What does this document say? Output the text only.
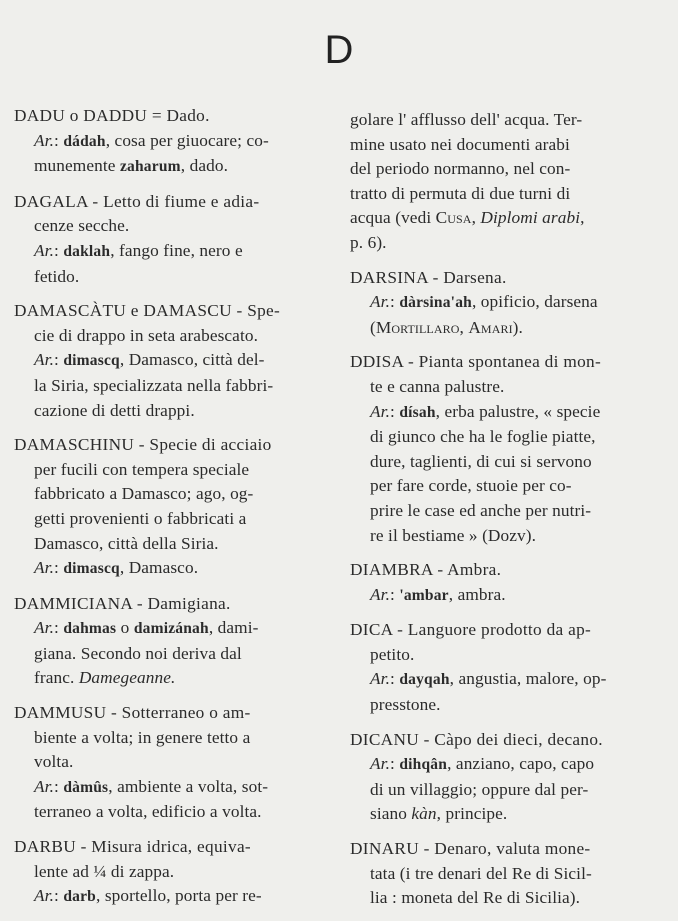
D
DADU o DADDU = Dado.
Ar.: dádah, cosa per giuocare; co-
munemente zaharum, dado.
DAGALA - Letto di fiume e adia-
cenze secche.
Ar.: daklah, fango fine, nero e
fetido.
DAMASCÀTU e DAMASCU - Spe-
cie di drappo in seta arabescato.
Ar.: dimascq, Damasco, città del-
la Siria, specializzata nella fabbri-
cazione di detti drappi.
DAMASCHINU - Specie di acciaio
per fucili con tempera speciale
fabbricato a Damasco; ago, og-
getti provenienti o fabbricati a
Damasco, città della Siria.
Ar.: dimascq, Damasco.
DAMMICIANA - Damigiana.
Ar.: dahmas o damizánah, dami-
giana. Secondo noi deriva dal
franc. Damegeanne.
DAMMUSU - Sotterraneo o am-
biente a volta; in genere tetto a
volta.
Ar.: dàmûs, ambiente a volta, sot-
terraneo a volta, edificio a volta.
DARBU - Misura idrica, equiva-
lente ad ¼ di zappa.
Ar.: darb, sportello, porta per re-
golare l' afflusso dell' acqua. Ter-
mine usato nei documenti arabi
del periodo normanno, nel con-
tratto di permuta di due turni di
acqua (vedi Cusa, Diplomi arabi,
p. 6).
DARSINA - Darsena.
Ar.: dàrsina'ah, opificio, darsena
(Mortillaro, Amari).
DDISA - Pianta spontanea di mon-
te e canna palustre.
Ar.: dísah, erba palustre, « specie
di giunco che ha le foglie piatte,
dure, taglienti, di cui si servono
per fare corde, stuoie per co-
prire le case ed anche per nutri-
re il bestiame » (Dozv).
DIAMBRA - Ambra.
Ar.: 'ambar, ambra.
DICA - Languore prodotto da ap-
petito.
Ar.: dayqah, angustia, malore, op-
presstone.
DICANU - Càpo dei dieci, decano.
Ar.: dihqân, anziano, capo, capo
di un villaggio; oppure dal per-
siano kàn, principe.
DINARU - Denaro, valuta mone-
tata (i tre denari del Re di Sicil-
lia : moneta del Re di Sicilia).
